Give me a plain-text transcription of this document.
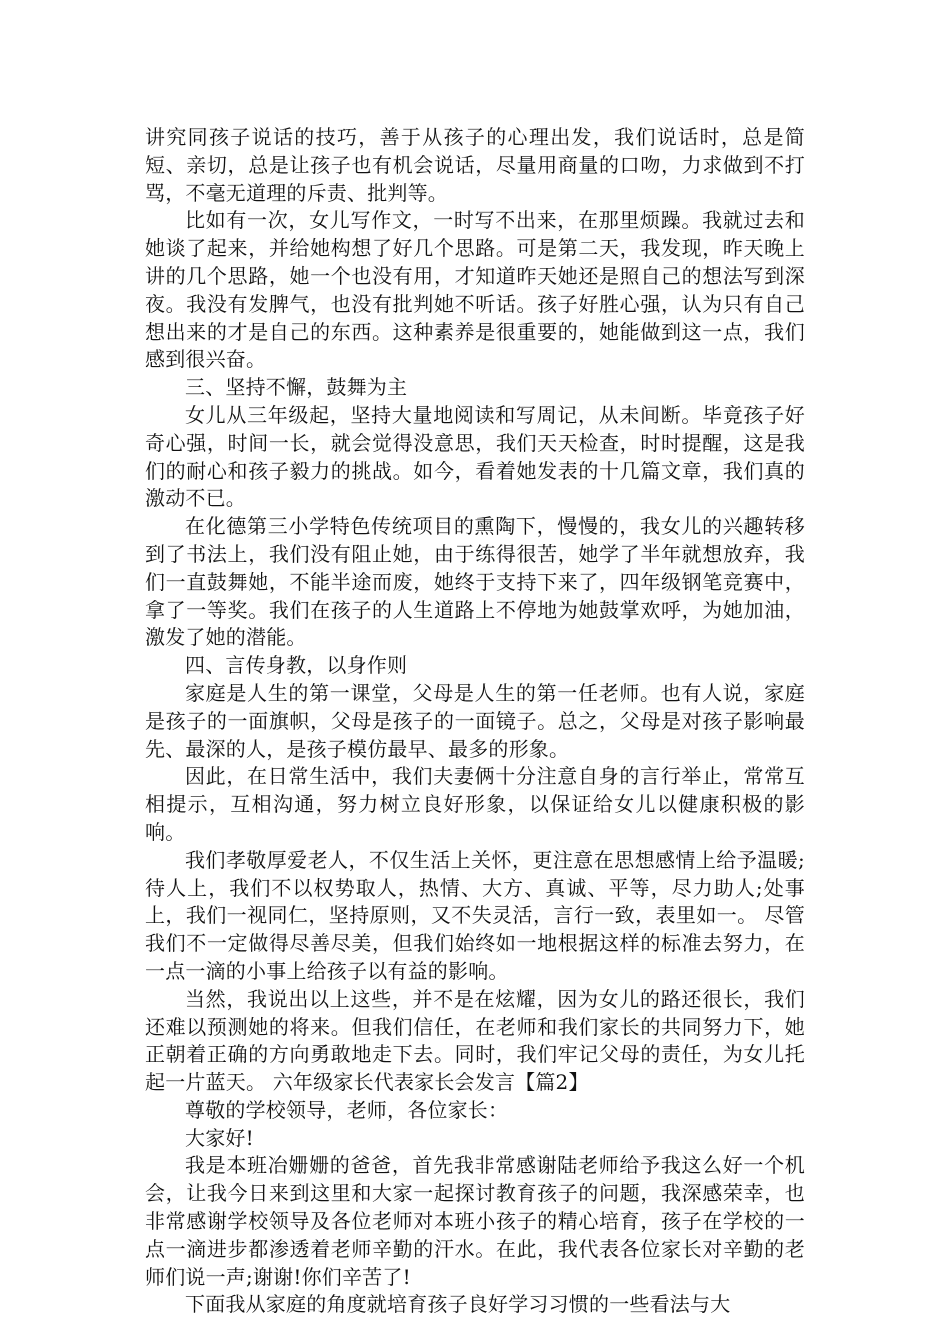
讲究同孩子说话的技巧，善于从孩子的心理出发，我们说话时，总是简短、亲切，总是让孩子也有机会说话，尽量用商量的口吻，力求做到不打骂，不毫无道理的斥责、批判等。

比如有一次，女儿写作文，一时写不出来，在那里烦躁。我就过去和她谈了起来，并给她构想了好几个思路。可是第二天，我发现，昨天晚上讲的几个思路，她一个也没有用，才知道昨天她还是照自己的想法写到深夜。我没有发脾气，也没有批判她不听话。孩子好胜心强，认为只有自己想出来的才是自己的东西。这种素养是很重要的，她能做到这一点，我们感到很兴奋。

三、坚持不懈，鼓舞为主

女儿从三年级起，坚持大量地阅读和写周记，从未间断。毕竟孩子好奇心强，时间一长，就会觉得没意思，我们天天检查，时时提醒，这是我们的耐心和孩子毅力的挑战。如今，看着她发表的十几篇文章，我们真的激动不已。

在化德第三小学特色传统项目的熏陶下，慢慢的，我女儿的兴趣转移到了书法上，我们没有阻止她，由于练得很苦，她学了半年就想放弃，我们一直鼓舞她，不能半途而废，她终于支持下来了，四年级钢笔竞赛中，拿了一等奖。我们在孩子的人生道路上不停地为她鼓掌欢呼，为她加油，激发了她的潜能。

四、言传身教，以身作则

家庭是人生的第一课堂，父母是人生的第一任老师。也有人说，家庭是孩子的一面旗帜，父母是孩子的一面镜子。总之，父母是对孩子影响最先、最深的人，是孩子模仿最早、最多的形象。

因此，在日常生活中，我们夫妻俩十分注意自身的言行举止，常常互相提示，互相沟通，努力树立良好形象，以保证给女儿以健康积极的影响。

我们孝敬厚爱老人，不仅生活上关怀，更注意在思想感情上给予温暖;待人上，我们不以权势取人，热情、大方、真诚、平等，尽力助人;处事上，我们一视同仁，坚持原则，又不失灵活，言行一致，表里如一。 尽管我们不一定做得尽善尽美，但我们始终如一地根据这样的标准去努力，在一点一滴的小事上给孩子以有益的影响。

当然，我说出以上这些，并不是在炫耀，因为女儿的路还很长，我们还难以预测她的将来。但我们信任，在老师和我们家长的共同努力下，她正朝着正确的方向勇敢地走下去。同时，我们牢记父母的责任，为女儿托起一片蓝天。 六年级家长代表家长会发言【篇2】

尊敬的学校领导，老师，各位家长：

大家好!

我是本班冶姗姗的爸爸，首先我非常感谢陆老师给予我这么好一个机会，让我今日来到这里和大家一起探讨教育孩子的问题，我深感荣幸，也非常感谢学校领导及各位老师对本班小孩子的精心培育，孩子在学校的一点一滴进步都渗透着老师辛勤的汗水。在此，我代表各位家长对辛勤的老师们说一声;谢谢!你们辛苦了!

下面我从家庭的角度就培育孩子良好学习习惯的一些看法与大
